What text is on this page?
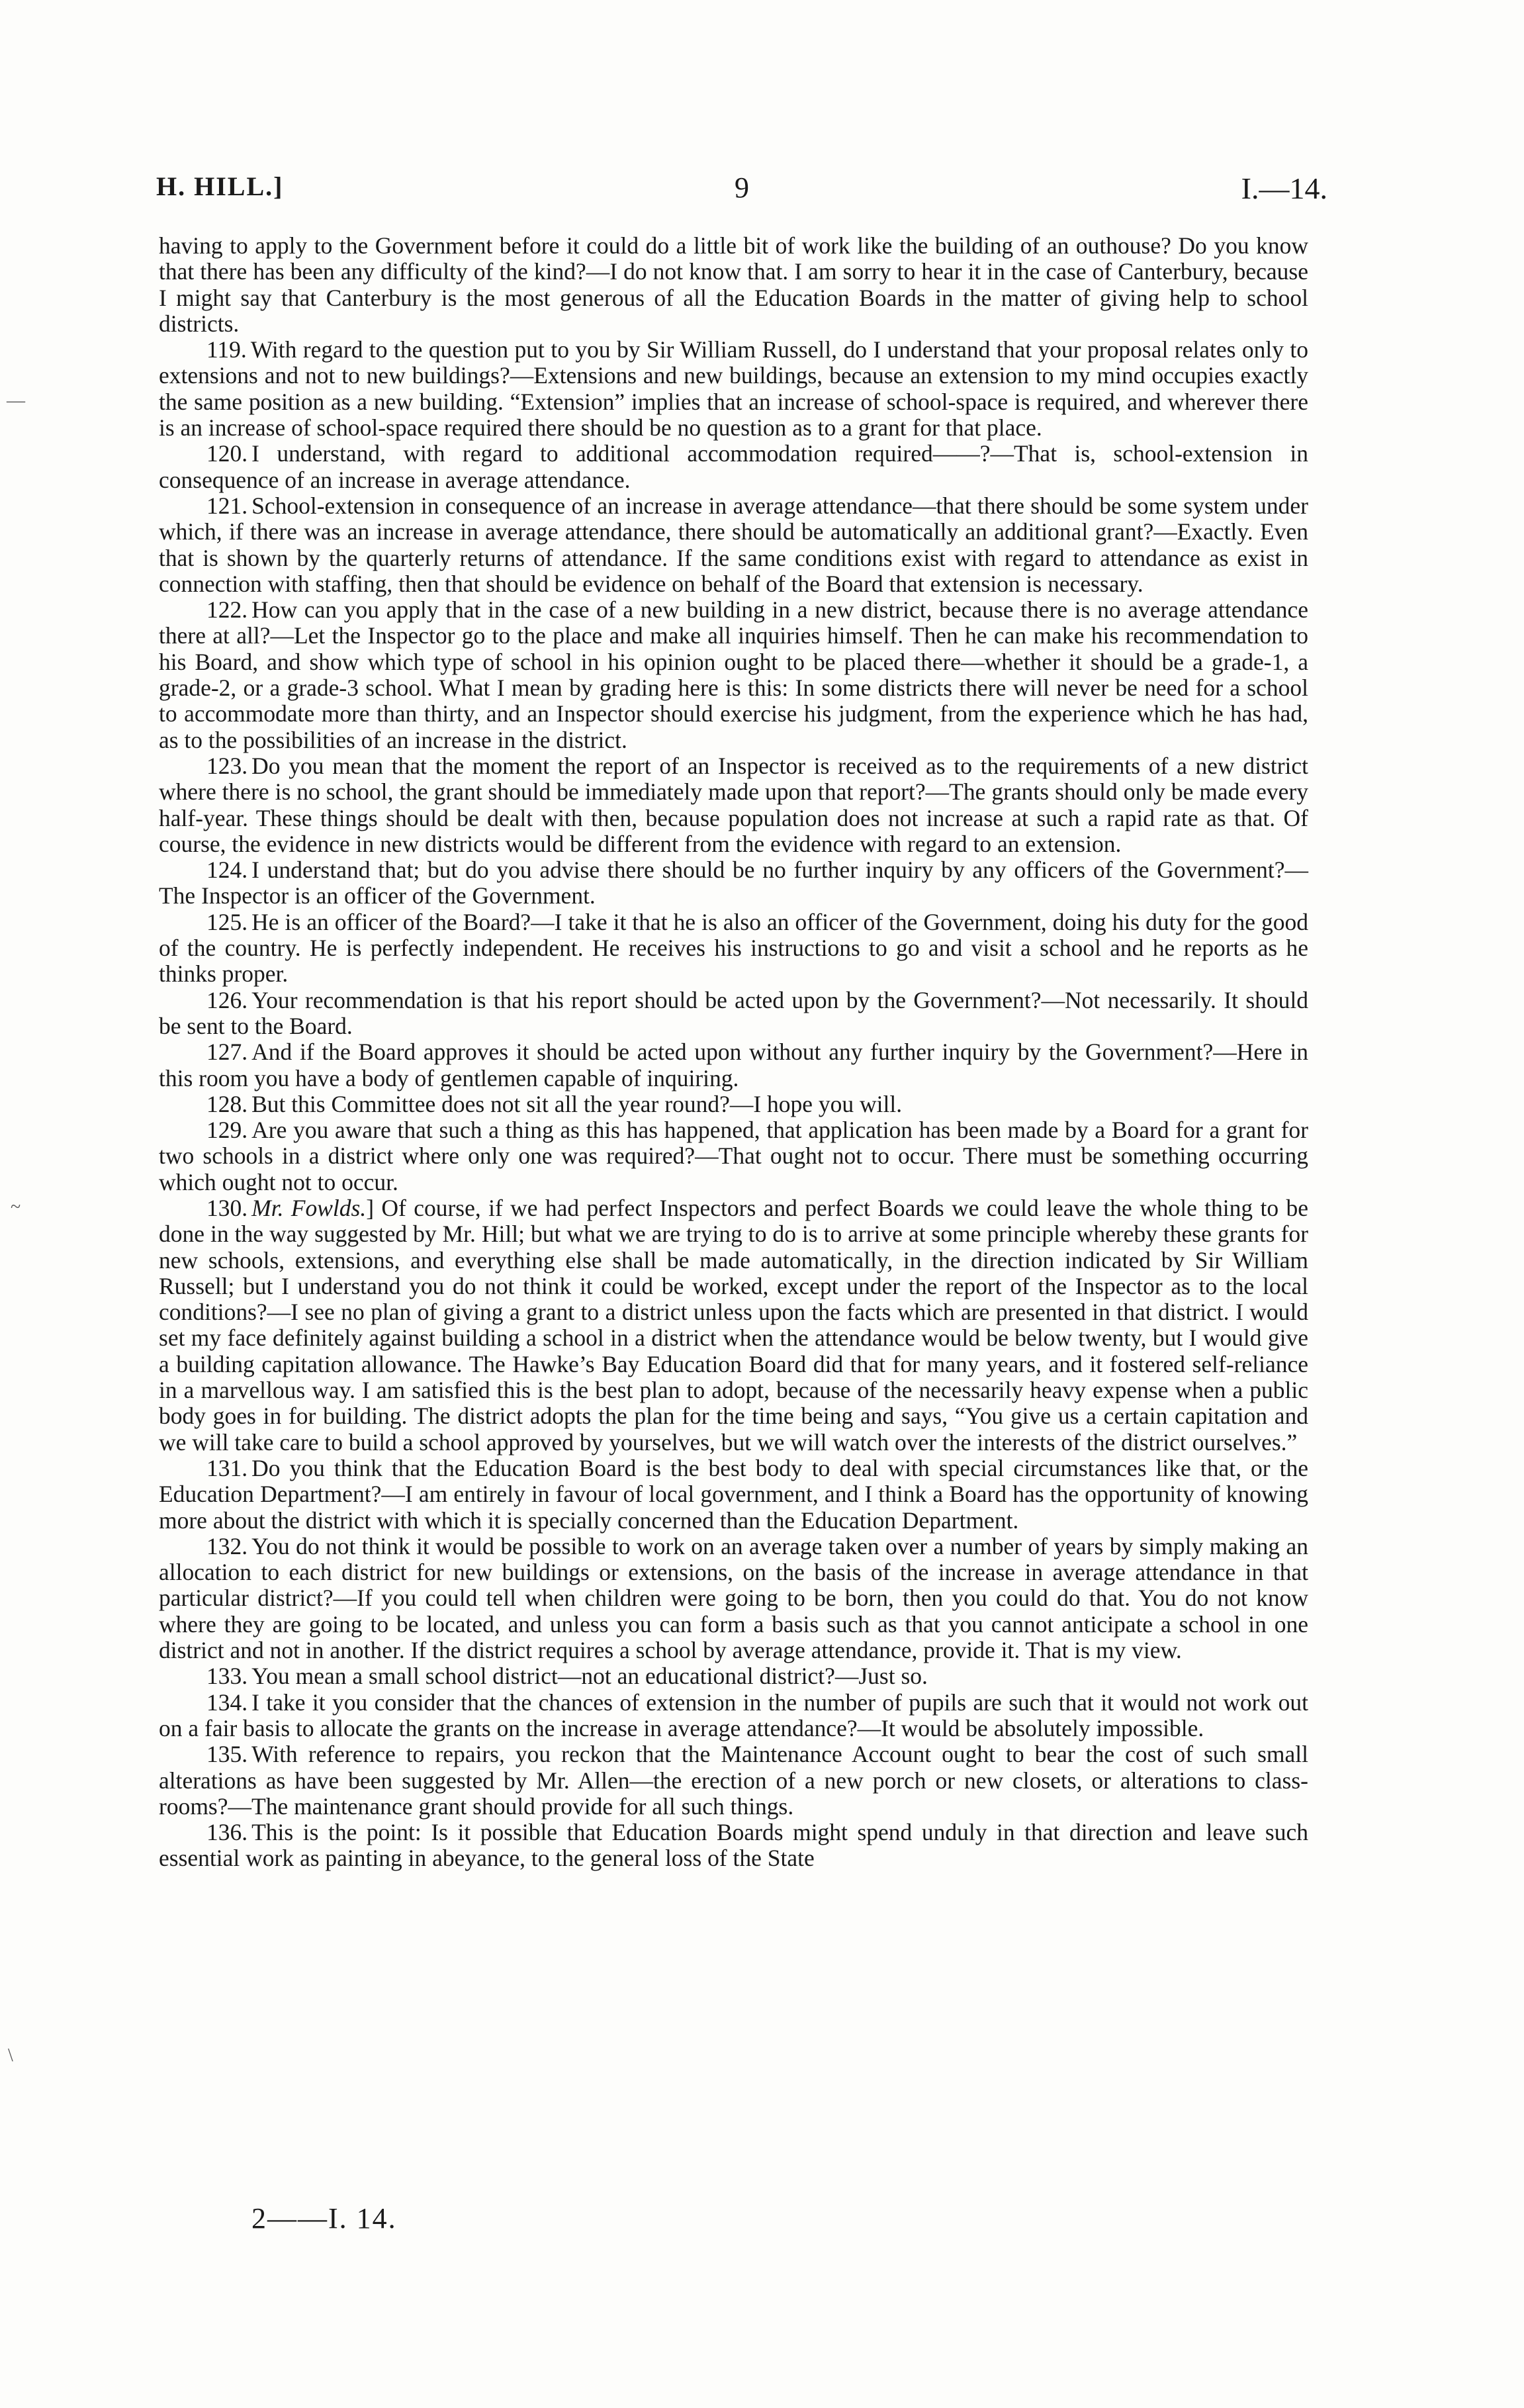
H. HILL.]	9	I.—14.
—
~
\

having to apply to the Government before it could do a little bit of work like the building of an outhouse? Do you know that there has been any difficulty of the kind?—I do not know that. I am sorry to hear it in the case of Canterbury, because I might say that Canterbury is the most generous of all the Education Boards in the matter of giving help to school districts.

119. With regard to the question put to you by Sir William Russell, do I understand that your proposal relates only to extensions and not to new buildings?—Extensions and new buildings, because an extension to my mind occupies exactly the same position as a new building. “Extension” implies that an increase of school-space is required, and wherever there is an increase of school-space required there should be no question as to a grant for that place.

120. I understand, with regard to additional accommodation required——?—That is, school-extension in consequence of an increase in average attendance.

121. School-extension in consequence of an increase in average attendance—that there should be some system under which, if there was an increase in average attendance, there should be automatically an additional grant?—Exactly. Even that is shown by the quarterly returns of attendance. If the same conditions exist with regard to attendance as exist in connection with staffing, then that should be evidence on behalf of the Board that extension is necessary.

122. How can you apply that in the case of a new building in a new district, because there is no average attendance there at all?—Let the Inspector go to the place and make all inquiries himself. Then he can make his recommendation to his Board, and show which type of school in his opinion ought to be placed there—whether it should be a grade-1, a grade-2, or a grade-3 school. What I mean by grading here is this: In some districts there will never be need for a school to accommodate more than thirty, and an Inspector should exercise his judgment, from the experience which he has had, as to the possibilities of an increase in the district.

123. Do you mean that the moment the report of an Inspector is received as to the requirements of a new district where there is no school, the grant should be immediately made upon that report?—The grants should only be made every half-year. These things should be dealt with then, because population does not increase at such a rapid rate as that. Of course, the evidence in new districts would be different from the evidence with regard to an extension.

124. I understand that; but do you advise there should be no further inquiry by any officers of the Government?—The Inspector is an officer of the Government.

125. He is an officer of the Board?—I take it that he is also an officer of the Government, doing his duty for the good of the country. He is perfectly independent. He receives his instructions to go and visit a school and he reports as he thinks proper.

126. Your recommendation is that his report should be acted upon by the Government?—Not necessarily. It should be sent to the Board.

127. And if the Board approves it should be acted upon without any further inquiry by the Government?—Here in this room you have a body of gentlemen capable of inquiring.

128. But this Committee does not sit all the year round?—I hope you will.

129. Are you aware that such a thing as this has happened, that application has been made by a Board for a grant for two schools in a district where only one was required?—That ought not to occur. There must be something occurring which ought not to occur.

130. Mr. Fowlds.] Of course, if we had perfect Inspectors and perfect Boards we could leave the whole thing to be done in the way suggested by Mr. Hill; but what we are trying to do is to arrive at some principle whereby these grants for new schools, extensions, and everything else shall be made automatically, in the direction indicated by Sir William Russell; but I understand you do not think it could be worked, except under the report of the Inspector as to the local conditions?—I see no plan of giving a grant to a district unless upon the facts which are presented in that district. I would set my face definitely against building a school in a district when the attendance would be below twenty, but I would give a building capitation allowance. The Hawke’s Bay Education Board did that for many years, and it fostered self-reliance in a marvellous way. I am satisfied this is the best plan to adopt, because of the necessarily heavy expense when a public body goes in for building. The district adopts the plan for the time being and says, “You give us a certain capitation and we will take care to build a school approved by yourselves, but we will watch over the interests of the district ourselves.”

131. Do you think that the Education Board is the best body to deal with special circumstances like that, or the Education Department?—I am entirely in favour of local government, and I think a Board has the opportunity of knowing more about the district with which it is specially concerned than the Education Department.

132. You do not think it would be possible to work on an average taken over a number of years by simply making an allocation to each district for new buildings or extensions, on the basis of the increase in average attendance in that particular district?—If you could tell when children were going to be born, then you could do that. You do not know where they are going to be located, and unless you can form a basis such as that you cannot anticipate a school in one district and not in another. If the district requires a school by average attendance, provide it. That is my view.

133. You mean a small school district—not an educational district?—Just so.

134. I take it you consider that the chances of extension in the number of pupils are such that it would not work out on a fair basis to allocate the grants on the increase in average attendance?—It would be absolutely impossible.

135. With reference to repairs, you reckon that the Maintenance Account ought to bear the cost of such small alterations as have been suggested by Mr. Allen—the erection of a new porch or new closets, or alterations to class-rooms?—The maintenance grant should provide for all such things.

136. This is the point: Is it possible that Education Boards might spend unduly in that direction and leave such essential work as painting in abeyance, to the general loss of the State

2——I. 14.
